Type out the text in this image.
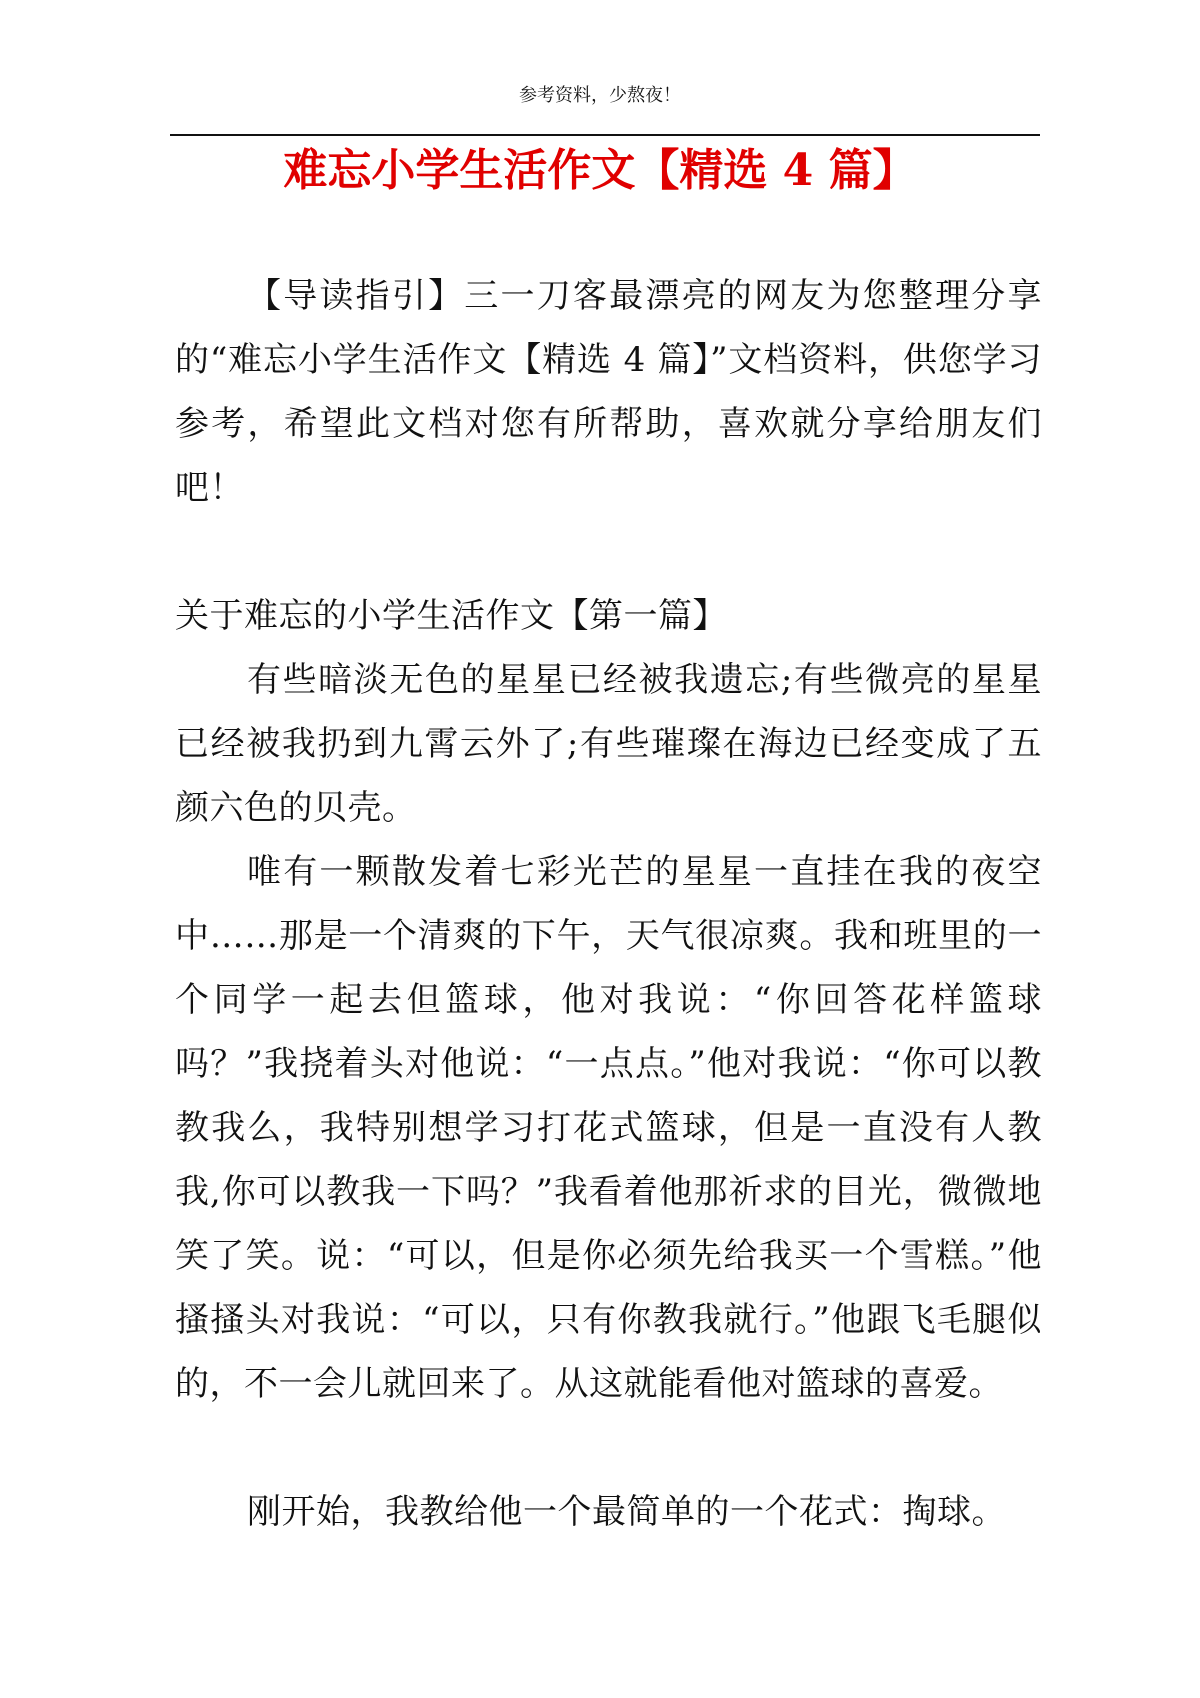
参考资料，少熬夜！
难忘小学生活作文【精选 4 篇】

【导读指引】三一刀客最漂亮的网友为您整理分享的“难忘小学生活作文【精选 4 篇】”文档资料，供您学习参考，希望此文档对您有所帮助，喜欢就分享给朋友们吧！

关于难忘的小学生活作文【第一篇】

有些暗淡无色的星星已经被我遗忘;有些微亮的星星已经被我扔到九霄云外了;有些璀璨在海边已经变成了五颜六色的贝壳。

唯有一颗散发着七彩光芒的星星一直挂在我的夜空中……那是一个清爽的下午，天气很凉爽。我和班里的一个同学一起去但篮球，他对我说：“你回答花样篮球吗？”我挠着头对他说：“一点点。”他对我说：“你可以教教我么，我特别想学习打花式篮球，但是一直没有人教我,你可以教我一下吗？”我看着他那祈求的目光，微微地笑了笑。说：“可以，但是你必须先给我买一个雪糕。”他搔搔头对我说：“可以，只有你教我就行。”他跟飞毛腿似的，不一会儿就回来了。从这就能看他对篮球的喜爱。

刚开始，我教给他一个最简单的一个花式：掏球。
